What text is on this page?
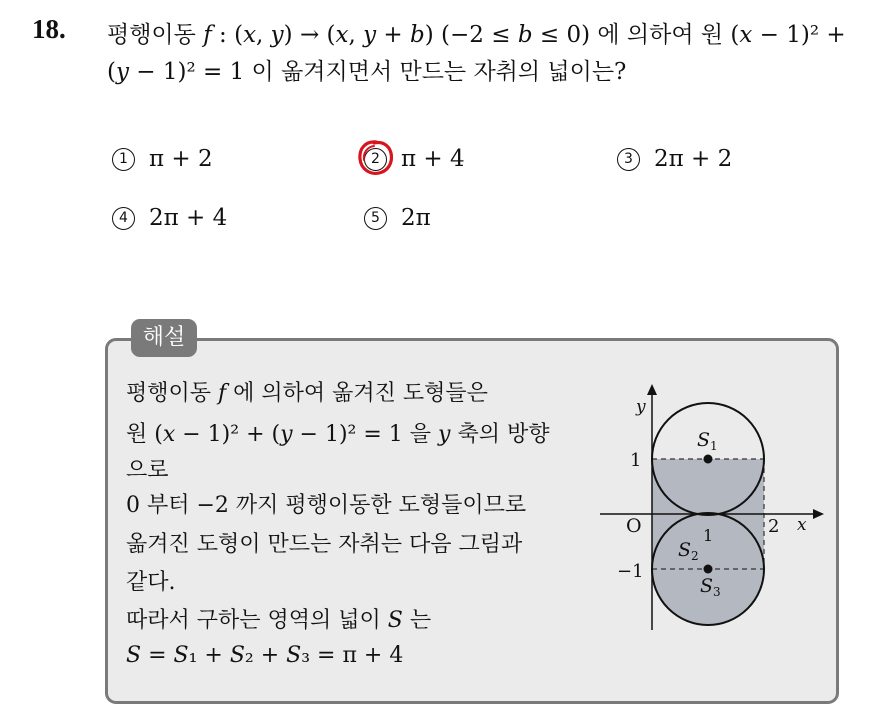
18. 평행이동 f : (x, y) → (x, y + b) (−2 ≤ b ≤ 0) 에 의하여 원 (x − 1)² +
(y − 1)² = 1 이 옮겨지면서 만드는 자취의 넓이는?
1 π + 2	2 π + 4	3 2π + 2
4 2π + 4	5 2π
해설
평행이동 f 에 의하여 옮겨진 도형들은
원 (x − 1)² + (y − 1)² = 1 을 y 축의 방향
으로
0 부터 −2 까지 평행이동한 도형들이므로
옮겨진 도형이 만드는 자취는 다음 그림과
같다.
따라서 구하는 영역의 넓이 S 는
S = S₁ + S₂ + S₃ = π + 4
y
x
O	1	2
1
−1
$S_1$
$S_2$
$S_3$
